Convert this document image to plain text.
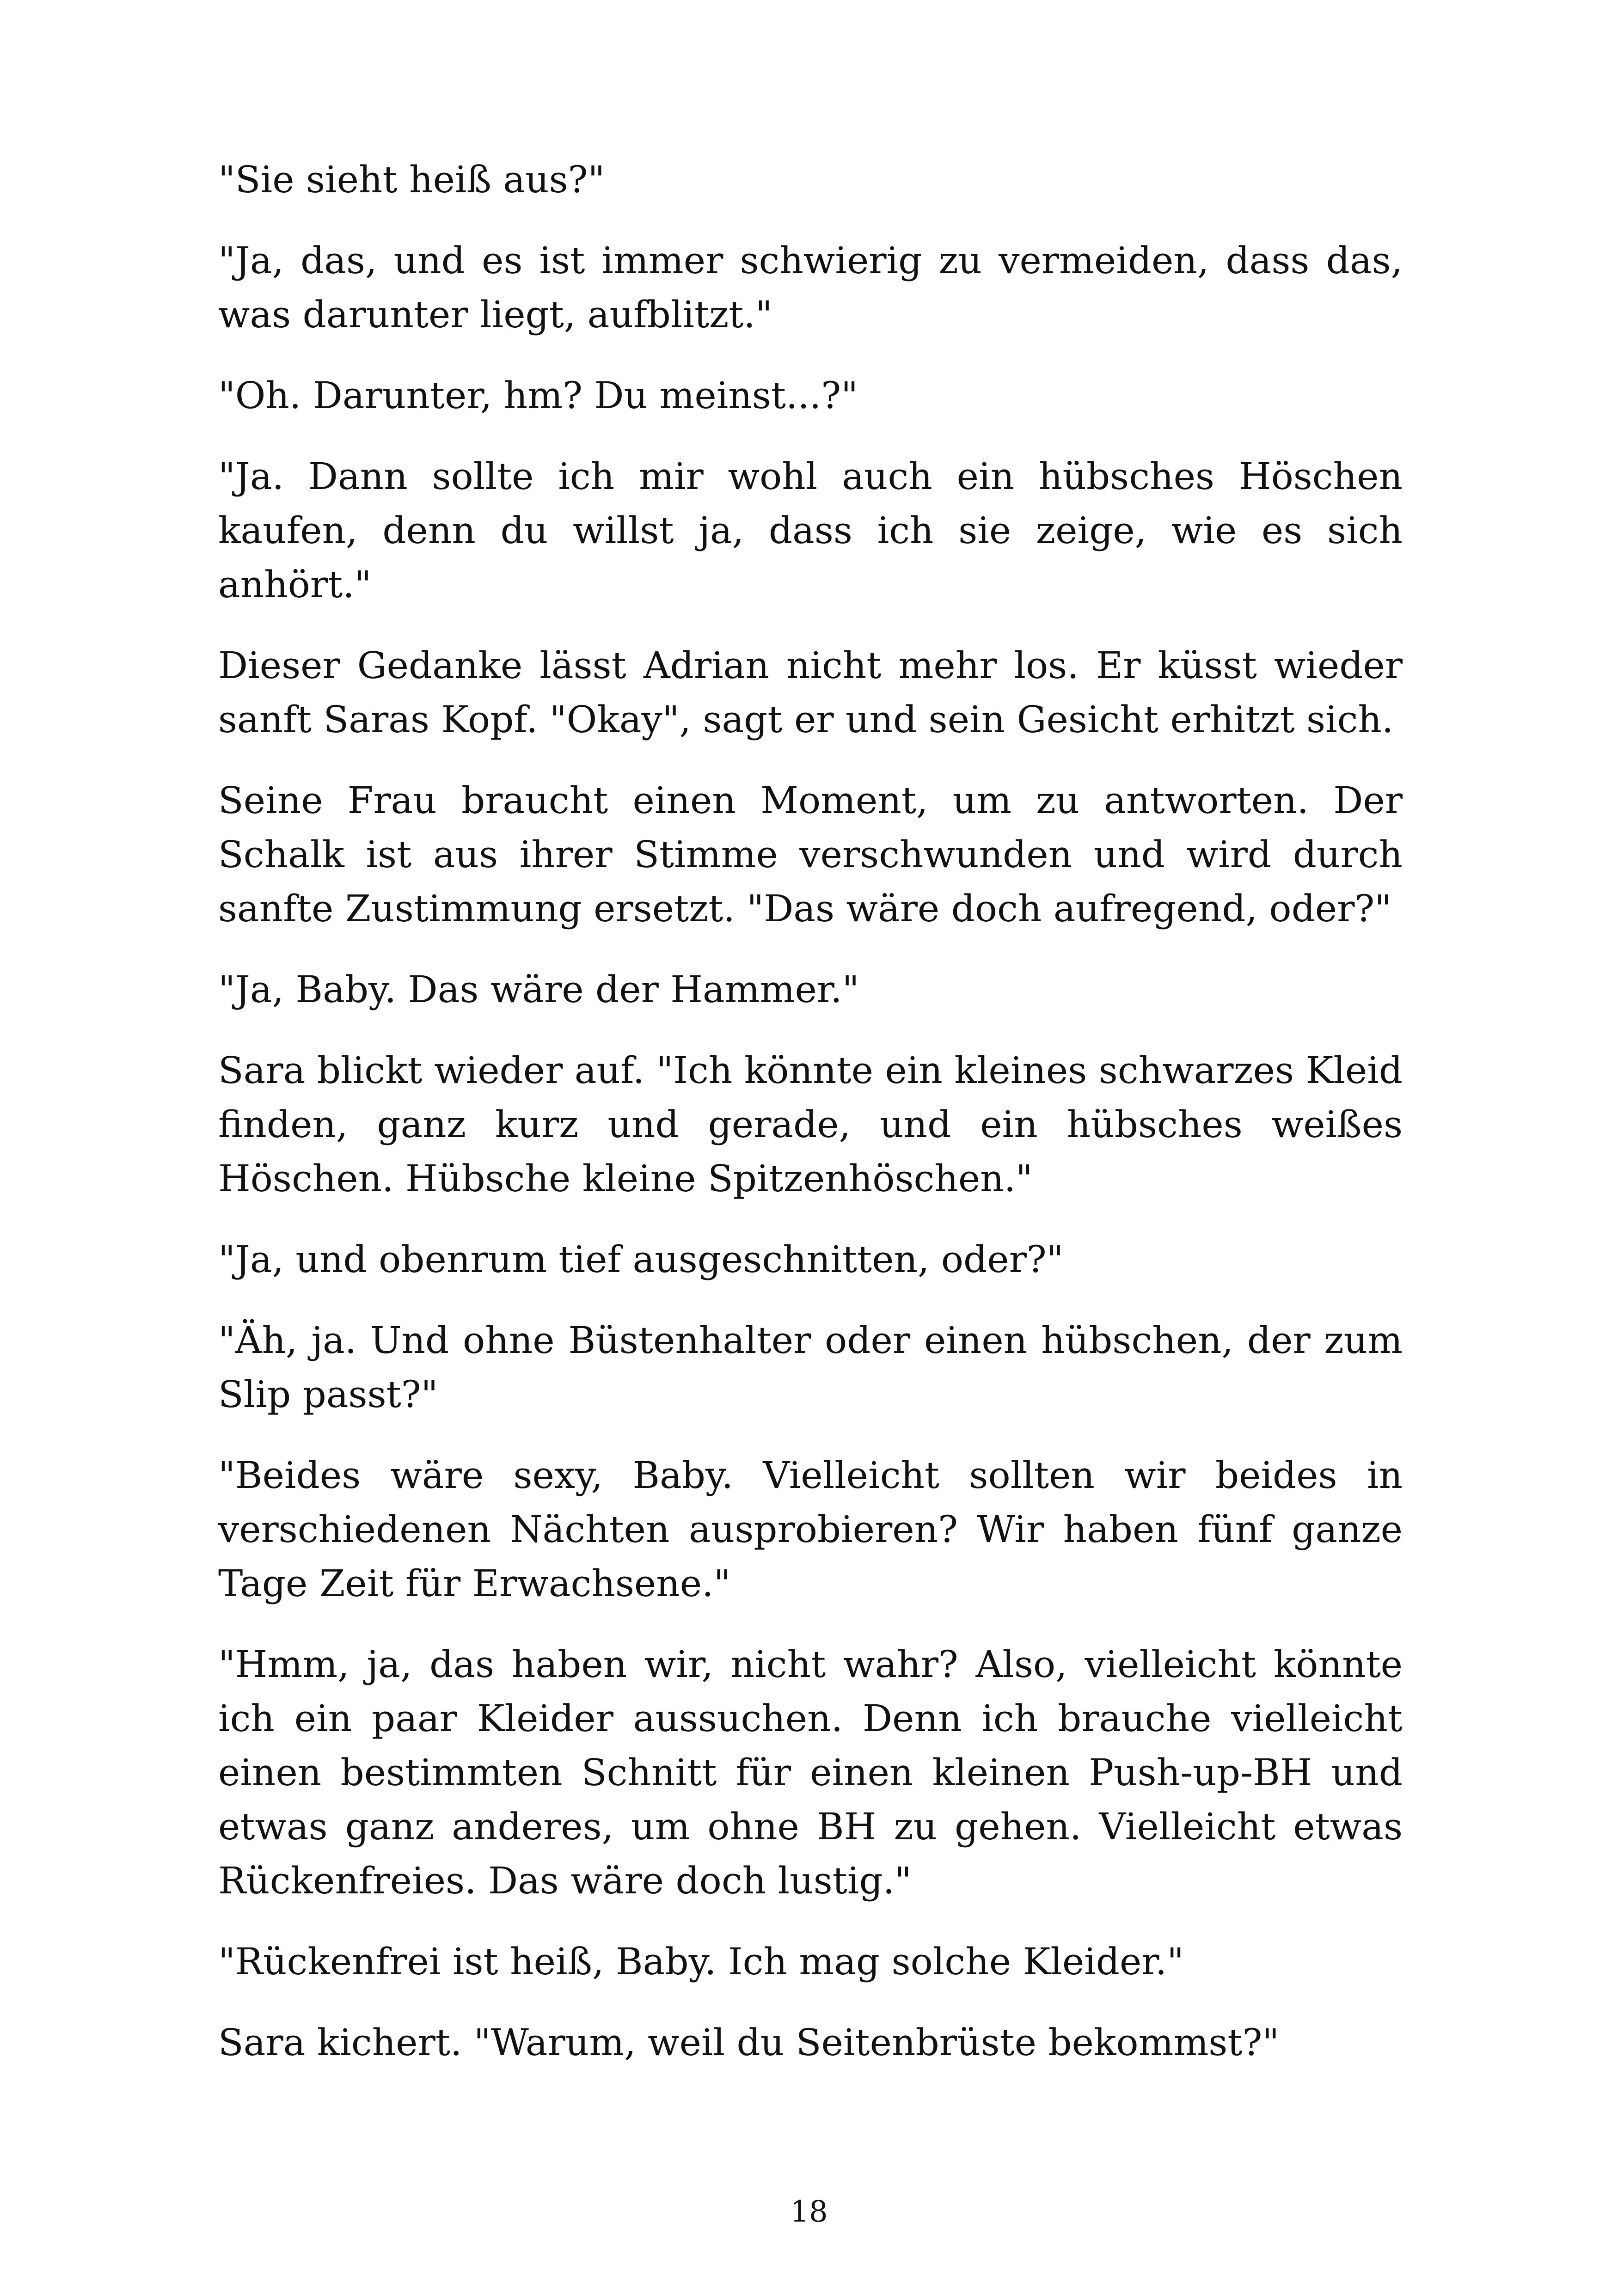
"Sie sieht heiß aus?"

"Ja, das, und es ist immer schwierig zu vermeiden, dass das, was darunter liegt, aufblitzt."

"Oh. Darunter, hm? Du meinst...?"

"Ja. Dann sollte ich mir wohl auch ein hübsches Höschen kaufen, denn du willst ja, dass ich sie zeige, wie es sich anhört."

Dieser Gedanke lässt Adrian nicht mehr los. Er küsst wieder sanft Saras Kopf. "Okay", sagt er und sein Gesicht erhitzt sich.

Seine Frau braucht einen Moment, um zu antworten. Der Schalk ist aus ihrer Stimme verschwunden und wird durch sanfte Zustimmung ersetzt. "Das wäre doch aufregend, oder?"

"Ja, Baby. Das wäre der Hammer."

Sara blickt wieder auf. "Ich könnte ein kleines schwarzes Kleid finden, ganz kurz und gerade, und ein hübsches weißes Höschen. Hübsche kleine Spitzenhöschen."

"Ja, und obenrum tief ausgeschnitten, oder?"

"Äh, ja. Und ohne Büstenhalter oder einen hübschen, der zum Slip passt?"

"Beides wäre sexy, Baby. Vielleicht sollten wir beides in verschiedenen Nächten ausprobieren? Wir haben fünf ganze Tage Zeit für Erwachsene."

"Hmm, ja, das haben wir, nicht wahr? Also, vielleicht könnte ich ein paar Kleider aussuchen. Denn ich brauche vielleicht einen bestimmten Schnitt für einen kleinen Push-up-BH und etwas ganz anderes, um ohne BH zu gehen. Vielleicht etwas Rückenfreies. Das wäre doch lustig."

"Rückenfrei ist heiß, Baby. Ich mag solche Kleider."

Sara kichert. "Warum, weil du Seitenbrüste bekommst?"

18
